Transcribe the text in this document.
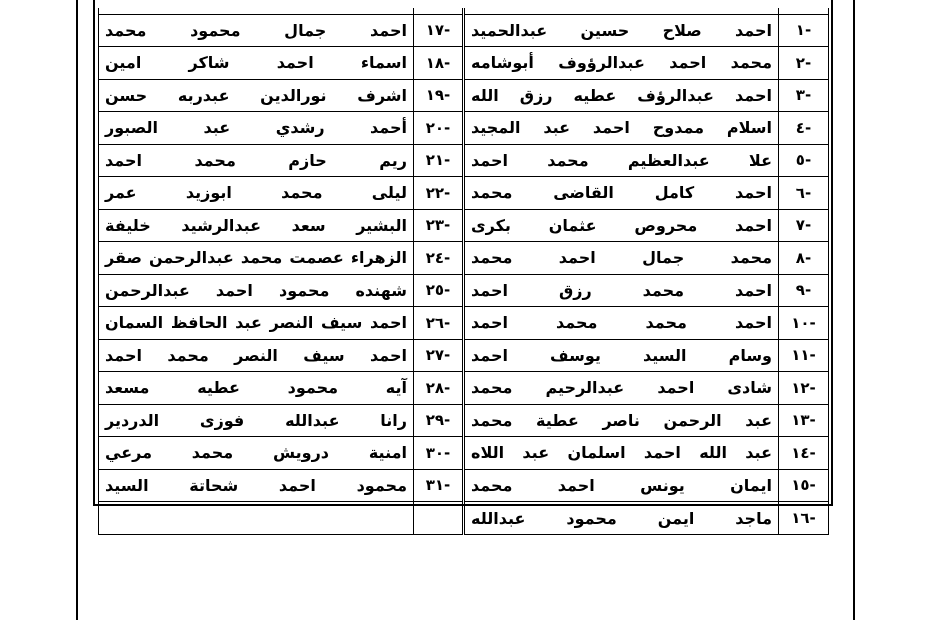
-١	احمد صلاح حسين عبدالحميد	-١٧	احمد جمال محمود محمد
-٢	محمد احمد عبدالرؤوف أبوشامه	-١٨	اسماء احمد شاكر امين
-٣	احمد عبدالرؤف عطيه رزق الله	-١٩	اشرف نورالدين عبدربه حسن
-٤	اسلام ممدوح احمد عبد المجيد	-٢٠	أحمد رشدي عبد الصبور
-٥	علا عبدالعظيم محمد احمد	-٢١	ريم حازم محمد احمد
-٦	احمد كامل القاضى محمد	-٢٢	ليلى محمد ابوزيد عمر
-٧	احمد محروص عثمان بكرى	-٢٣	البشير سعد عبدالرشيد خليفة
-٨	محمد جمال احمد محمد	-٢٤	الزهراء عصمت محمد عبدالرحمن صقر
-٩	احمد محمد رزق احمد	-٢٥	شهنده محمود احمد عبدالرحمن
-١٠	احمد محمد محمد احمد	-٢٦	احمد سيف النصر عبد الحافظ السمان
-١١	وسام السيد يوسف احمد	-٢٧	احمد سيف النصر محمد احمد
-١٢	شادى احمد عبدالرحيم محمد	-٢٨	آيه محمود عطيه مسعد
-١٣	عبد الرحمن ناصر عطية محمد	-٢٩	رانا عبدالله فوزى الدردير
-١٤	عبد الله احمد اسلمان عبد اللاه	-٣٠	امنية درويش محمد مرعي
-١٥	ايمان يونس احمد محمد	-٣١	محمود احمد شحاتة السيد
-١٦	ماجد ايمن محمود عبدالله		
